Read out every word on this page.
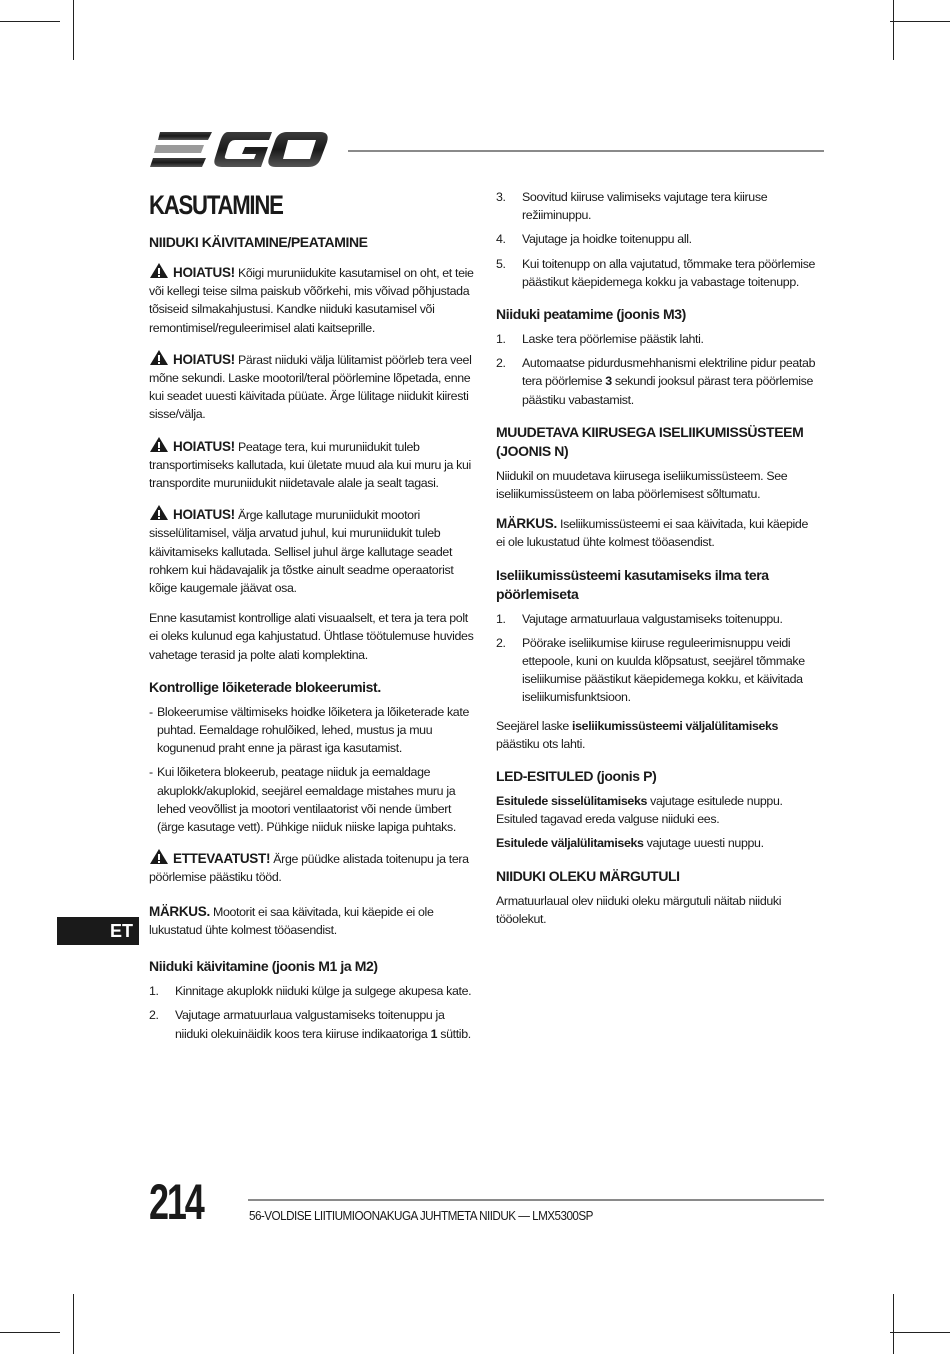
KASUTAMINE
NIIDUKI KÄIVITAMINE/PEATAMINE
HOIATUS! Kõigi muruniidukite kasutamisel on oht, et teie või kellegi teise silma paiskub võõrkehi, mis võivad põhjustada tõsiseid silmakahjustusi. Kandke niiduki kasutamisel või remontimisel/reguleerimisel alati kaitseprille.
HOIATUS! Pärast niiduki välja lülitamist pöörleb tera veel mõne sekundi. Laske mootoril/teral pöörlemine lõpetada, enne kui seadet uuesti käivitada püüate. Ärge lülitage niidukit kiiresti sisse/välja.
HOIATUS! Peatage tera, kui muruniidukit tuleb transportimiseks kallutada, kui ületate muud ala kui muru ja kui transpordite muruniidukit niidetavale alale ja sealt tagasi.
HOIATUS! Ärge kallutage muruniidukit mootori sisselülitamisel, välja arvatud juhul, kui muruniidukit tuleb käivitamiseks kallutada. Sellisel juhul ärge kallutage seadet rohkem kui hädavajalik ja tõstke ainult seadme operaatorist kõige kaugemale jäävat osa.
Enne kasutamist kontrollige alati visuaalselt, et tera ja tera polt ei oleks kulunud ega kahjustatud. Ühtlase töötulemuse huvides vahetage terasid ja polte alati komplektina.
Kontrollige lõiketerade blokeerumist.
- Blokeerumise vältimiseks hoidke lõiketera ja lõiketerade kate puhtad. Eemaldage rohulõiked, lehed, mustus ja muu kogunenud praht enne ja pärast iga kasutamist.
- Kui lõiketera blokeerub, peatage niiduk ja eemaldage akuplokk/akuplokid, seejärel eemaldage mistahes muru ja lehed veovõllist ja mootori ventilaatorist või nende ümbert (ärge kasutage vett). Pühkige niiduk niiske lapiga puhtaks.
ETTEVAATUST! Ärge püüdke alistada toitenupu ja tera pöörlemise päästiku tööd.
MÄRKUS. Mootorit ei saa käivitada, kui käepide ei ole lukustatud ühte kolmest tööasendist.
Niiduki käivitamine (joonis M1 ja M2)
1. Kinnitage akuplokk niiduki külge ja sulgege akupesa kate.
2. Vajutage armatuurlaua valgustamiseks toitenuppu ja niiduki olekuinäidik koos tera kiiruse indikaatoriga 1 süttib.
3. Soovitud kiiruse valimiseks vajutage tera kiiruse režiiminuppu.
4. Vajutage ja hoidke toitenuppu all.
5. Kui toitenupp on alla vajutatud, tõmmake tera pöörlemise päästikut käepidemega kokku ja vabastage toitenupp.
Niiduki peatamime (joonis M3)
1. Laske tera pöörlemise päästik lahti.
2. Automaatse pidurdusmehhanismi elektriline pidur peatab tera pöörlemise 3 sekundi jooksul pärast tera pöörlemise päästiku vabastamist.
MUUDETAVA KIIRUSEGA ISELIIKUMISSÜSTEEM (JOONIS N)
Niidukil on muudetava kiirusega iseliikumissüsteem. See iseliikumissüsteem on laba pöörlemisest sõltumatu.
MÄRKUS. Iseliikumissüsteemi ei saa käivitada, kui käepide ei ole lukustatud ühte kolmest tööasendist.
Iseliikumissüsteemi kasutamiseks ilma tera pöörlemiseta
1. Vajutage armatuurlaua valgustamiseks toitenuppu.
2. Pöörake iseliikumise kiiruse reguleerimisnuppu veidi ettepoole, kuni on kuulda klõpsatust, seejärel tõmmake iseliikumise päästikut käepidemega kokku, et käivitada iseliikumisfunktsioon.
Seejärel laske iseliikumissüsteemi väljalülitamiseks päästiku ots lahti.
LED-ESITULED (joonis P)
Esitulede sisselülitamiseks vajutage esitulede nuppu. Esituled tagavad ereda valguse niiduki ees.
Esitulede väljalülitamiseks vajutage uuesti nuppu.
NIIDUKI OLEKU MÄRGUTULI
Armatuurlaual olev niiduki oleku märgutuli näitab niiduki tööolekut.
ET
214	56-VOLDISE LIITIUMIOONAKUGA JUHTMETA NIIDUK — LMX5300SP
